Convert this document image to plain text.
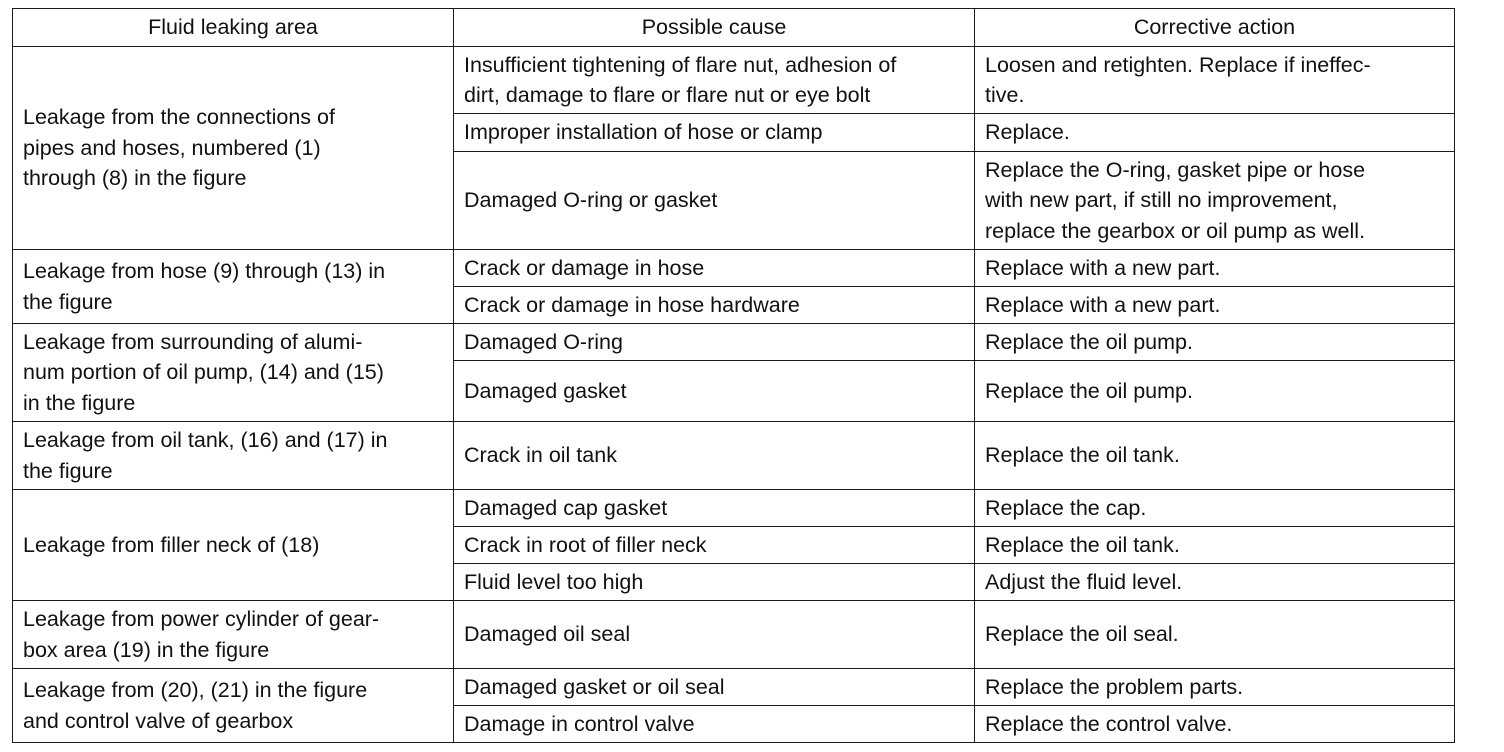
Fluid leaking area	Possible cause	Corrective action
Leakage from the connections of
pipes and hoses, numbered (1)
through (8) in the figure	Insufficient tightening of flare nut, adhesion of
dirt, damage to flare or flare nut or eye bolt	Loosen and retighten. Replace if ineffec-
tive.
	Improper installation of hose or clamp	Replace.
	Damaged O-ring or gasket	Replace the O-ring, gasket pipe or hose
with new part, if still no improvement,
replace the gearbox or oil pump as well.
Leakage from hose (9) through (13) in
the figure	Crack or damage in hose	Replace with a new part.
	Crack or damage in hose hardware	Replace with a new part.
Leakage from surrounding of alumi-
num portion of oil pump, (14) and (15)
in the figure	Damaged O-ring	Replace the oil pump.
	Damaged gasket	Replace the oil pump.
Leakage from oil tank, (16) and (17) in
the figure	Crack in oil tank	Replace the oil tank.
Leakage from filler neck of (18)	Damaged cap gasket	Replace the cap.
	Crack in root of filler neck	Replace the oil tank.
	Fluid level too high	Adjust the fluid level.
Leakage from power cylinder of gear-
box area (19) in the figure	Damaged oil seal	Replace the oil seal.
Leakage from (20), (21) in the figure
and control valve of gearbox	Damaged gasket or oil seal	Replace the problem parts.
	Damage in control valve	Replace the control valve.
